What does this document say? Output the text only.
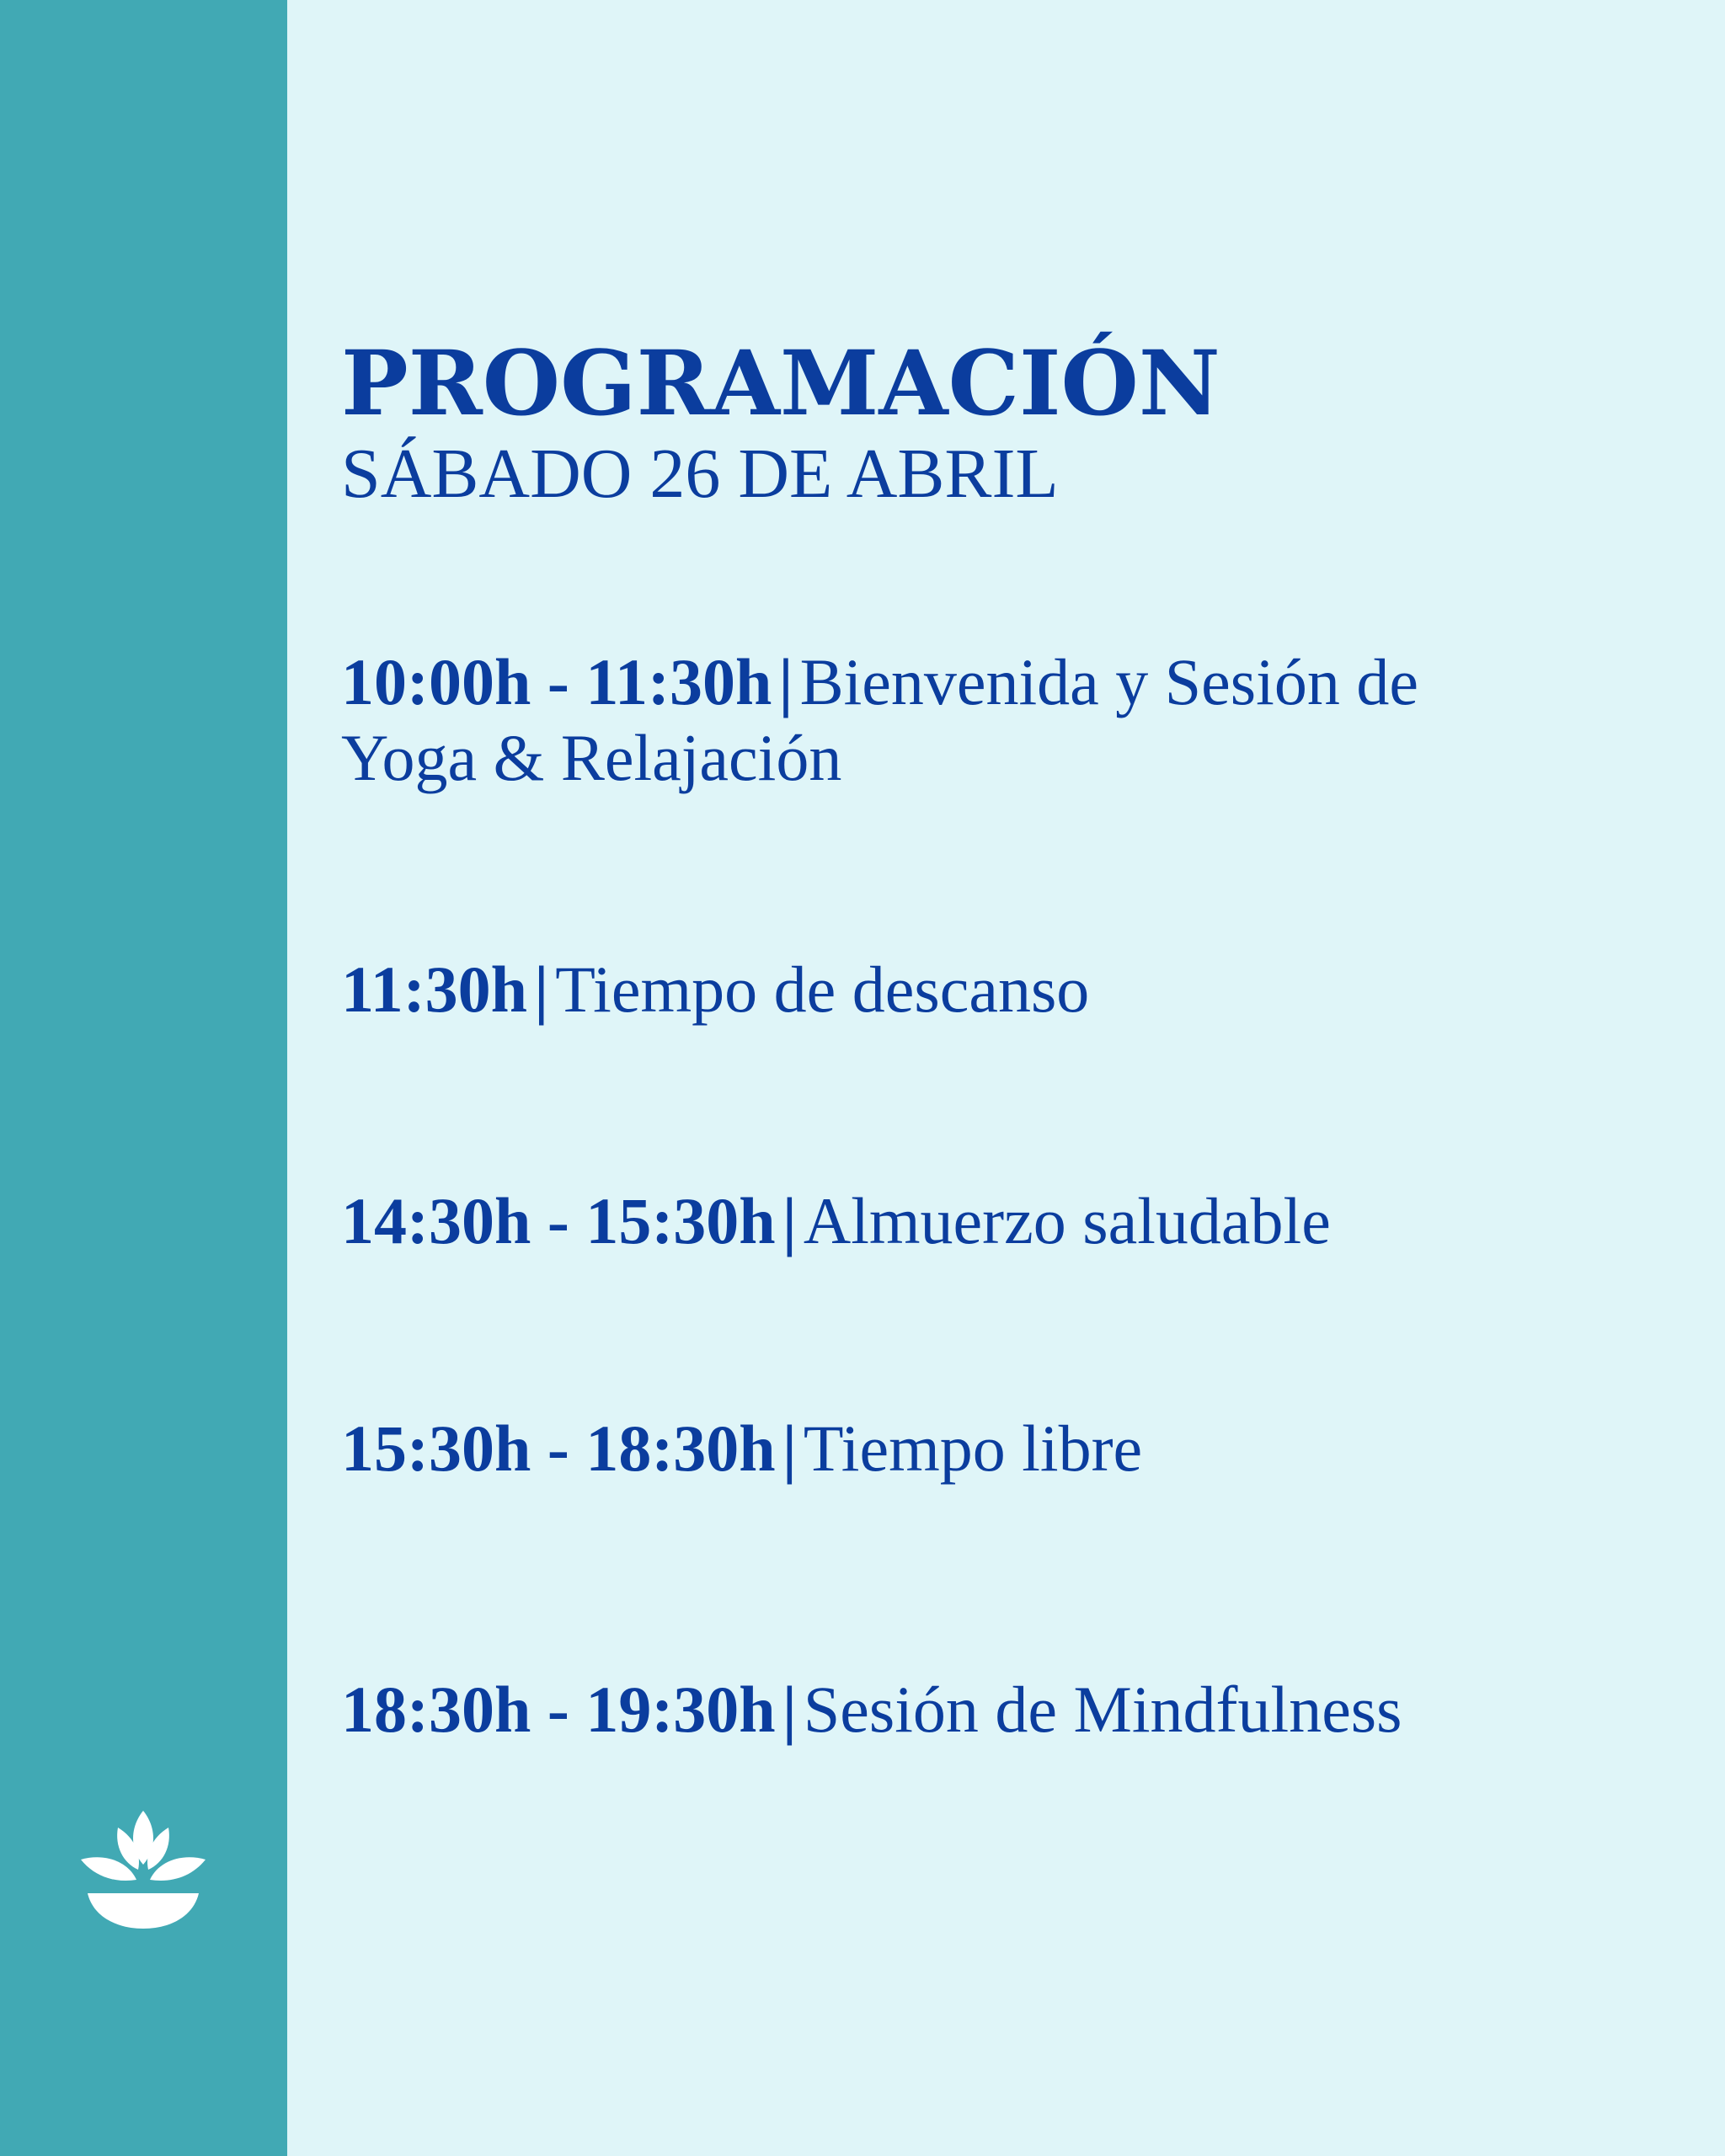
PROGRAMACIÓN
SÁBADO 26 DE ABRIL
10:00h - 11:30h | Bienvenida y Sesión de Yoga & Relajación
11:30h | Tiempo de descanso
14:30h - 15:30h | Almuerzo saludable
15:30h - 18:30h | Tiempo libre
18:30h - 19:30h | Sesión de Mindfulness
